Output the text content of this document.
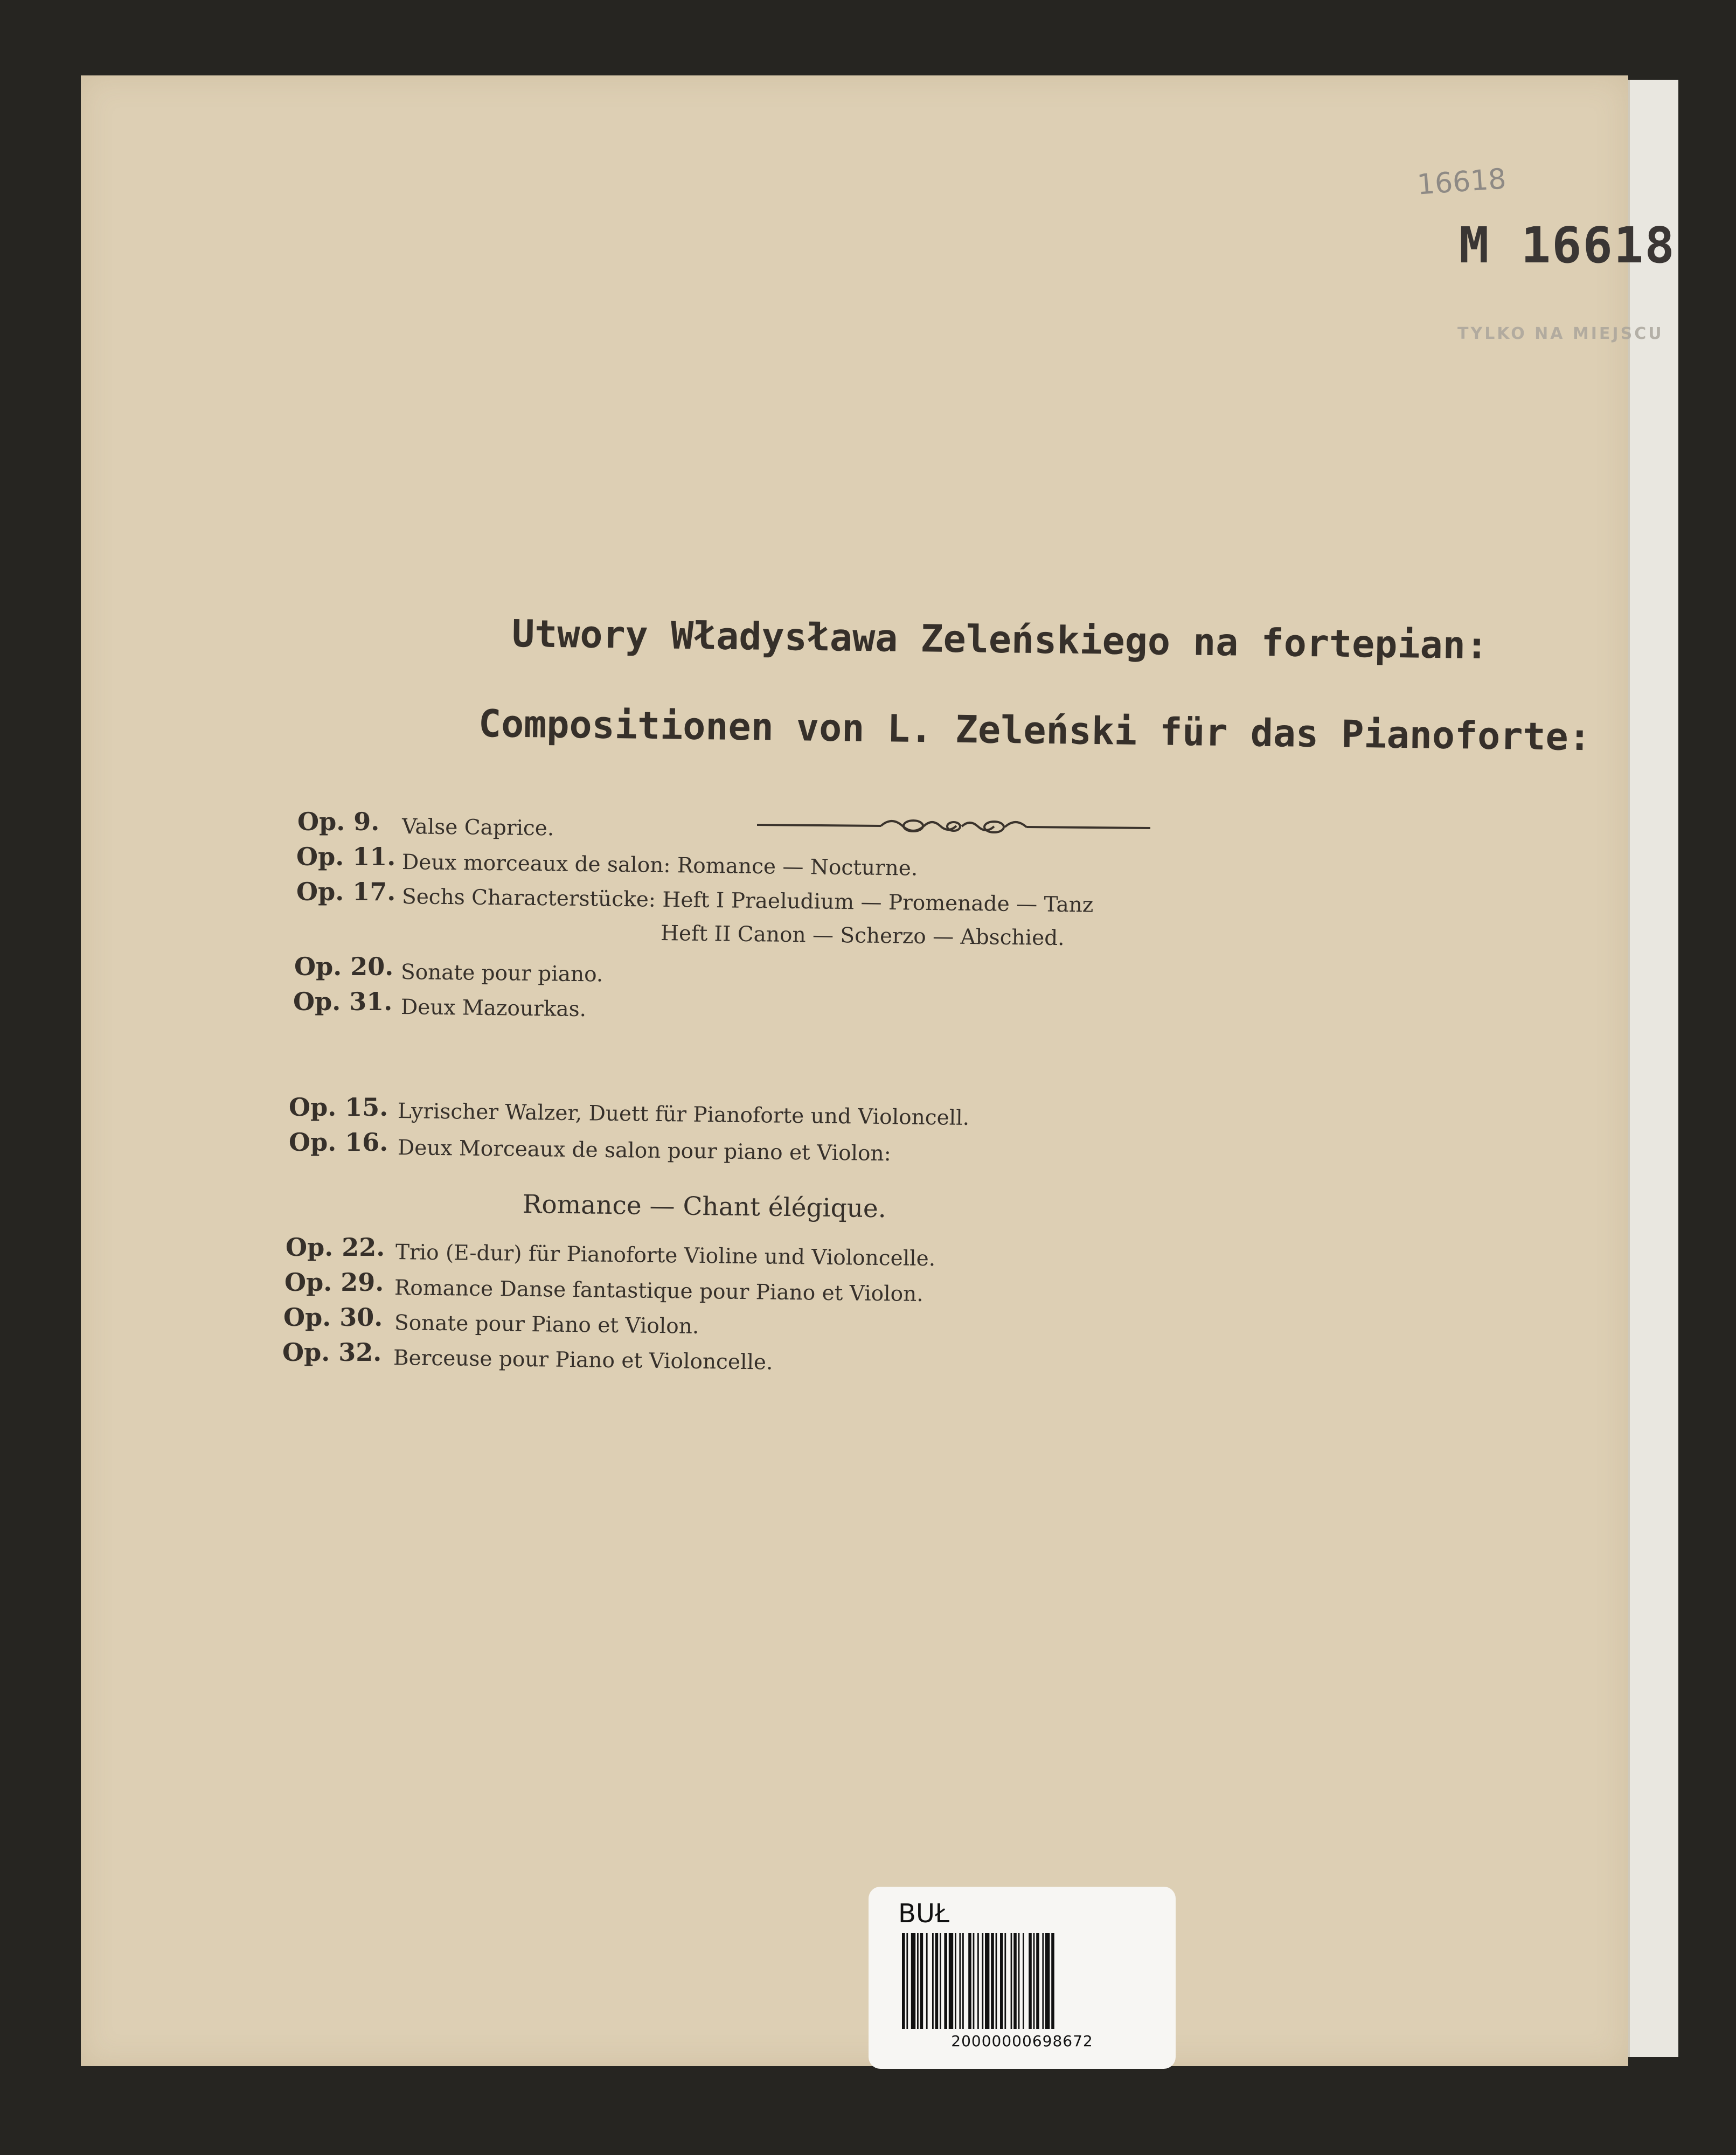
16618
M 16618
TYLKO NA MIEJSCU
Utwory Władysława Zeleńskiego na fortepian:
Compositionen von L. Zeleński für das Pianoforte:
Op. 9. Valse Caprice.
Op. 11. Deux morceaux de salon: Romance — Nocturne.
Op. 17. Sechs Characterstücke: Heft I Praeludium — Promenade — Tanz
Heft II Canon — Scherzo — Abschied.
Op. 20. Sonate pour piano.
Op. 31. Deux Mazourkas.
Op. 15. Lyrischer Walzer, Duett für Pianoforte und Violoncell.
Op. 16. Deux Morceaux de salon pour piano et Violon:
Romance — Chant élégique.
Op. 22. Trio (E-dur) für Pianoforte Violine und Violoncelle.
Op. 29. Romance Danse fantastique pour Piano et Violon.
Op. 30. Sonate pour Piano et Violon.
Op. 32. Berceuse pour Piano et Violoncelle.
BUŁ
20000000698672
